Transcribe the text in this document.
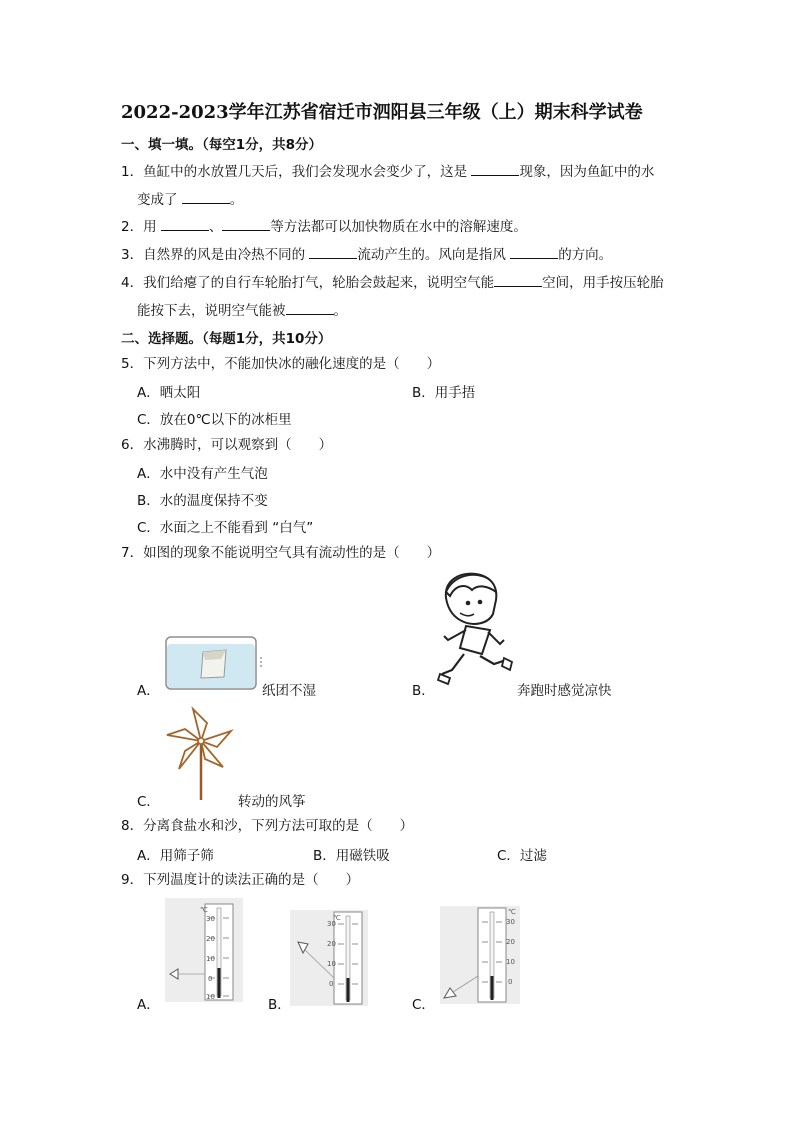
2022-2023学年江苏省宿迁市泗阳县三年级（上）期末科学试卷
一、填一填。（每空1分，共8分）
1．鱼缸中的水放置几天后，我们会发现水会变少了，这是	现象，因为鱼缸中的水
变成了	。
2．用	、	等方法都可以加快物质在水中的溶解速度。
3．自然界的风是由冷热不同的	流动产生的。风向是指风	的方向。
4．我们给瘪了的自行车轮胎打气，轮胎会鼓起来，说明空气能	空间，用手按压轮胎
能按下去，说明空气能被	。
二、选择题。（每题1分，共10分）
5．下列方法中，不能加快冰的融化速度的是（　　）
A．晒太阳	B．用手捂
C．放在0℃以下的冰柜里
6．水沸腾时，可以观察到（　　）
A．水中没有产生气泡
B．水的温度保持不变
C．水面之上不能看到 “白气”
7．如图的现象不能说明空气具有流动性的是（　　）
A．	纸团不湿	B．	奔跑时感觉凉快
C．	转动的风筝
8．分离食盐水和沙，下列方法可取的是（　　）
A．用筛子筛	B．用磁铁吸	C．过滤
9．下列温度计的读法正确的是（　　）
℃
30
20
10
0
10
A．
℃
30
20
10
0
B．
℃
30
20
10
0
C．
